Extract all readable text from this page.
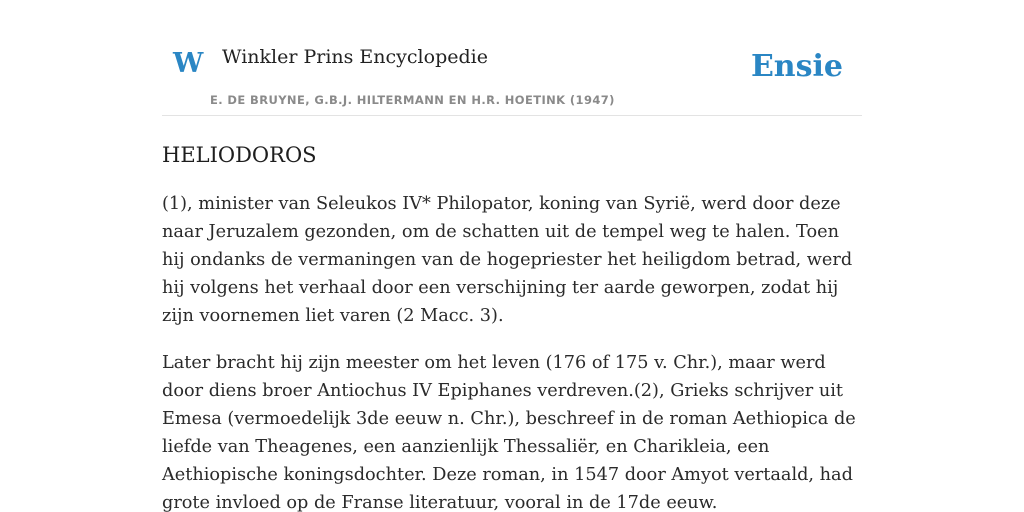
W Winkler Prins Encyclopedie
E. DE BRUYNE, G.B.J. HILTERMANN EN H.R. HOETINK (1947)
Ensie
HELIODOROS

(1), minister van Seleukos IV* Philopator, koning van Syrië, werd door deze naar Jeruzalem gezonden, om de schatten uit de tempel weg te halen. Toen hij ondanks de vermaningen van de hogepriester het heiligdom betrad, werd hij volgens het verhaal door een verschijning ter aarde geworpen, zodat hij zijn voornemen liet varen (2 Macc. 3).

Later bracht hij zijn meester om het leven (176 of 175 v. Chr.), maar werd door diens broer Antiochus IV Epiphanes verdreven.(2), Grieks schrijver uit Emesa (vermoedelijk 3de eeuw n. Chr.), beschreef in de roman Aethiopica de liefde van Theagenes, een aanzienlijk Thessaliër, en Charikleia, een Aethiopische koningsdochter. Deze roman, in 1547 door Amyot vertaald, had grote invloed op de Franse literatuur, vooral in de 17de eeuw.
